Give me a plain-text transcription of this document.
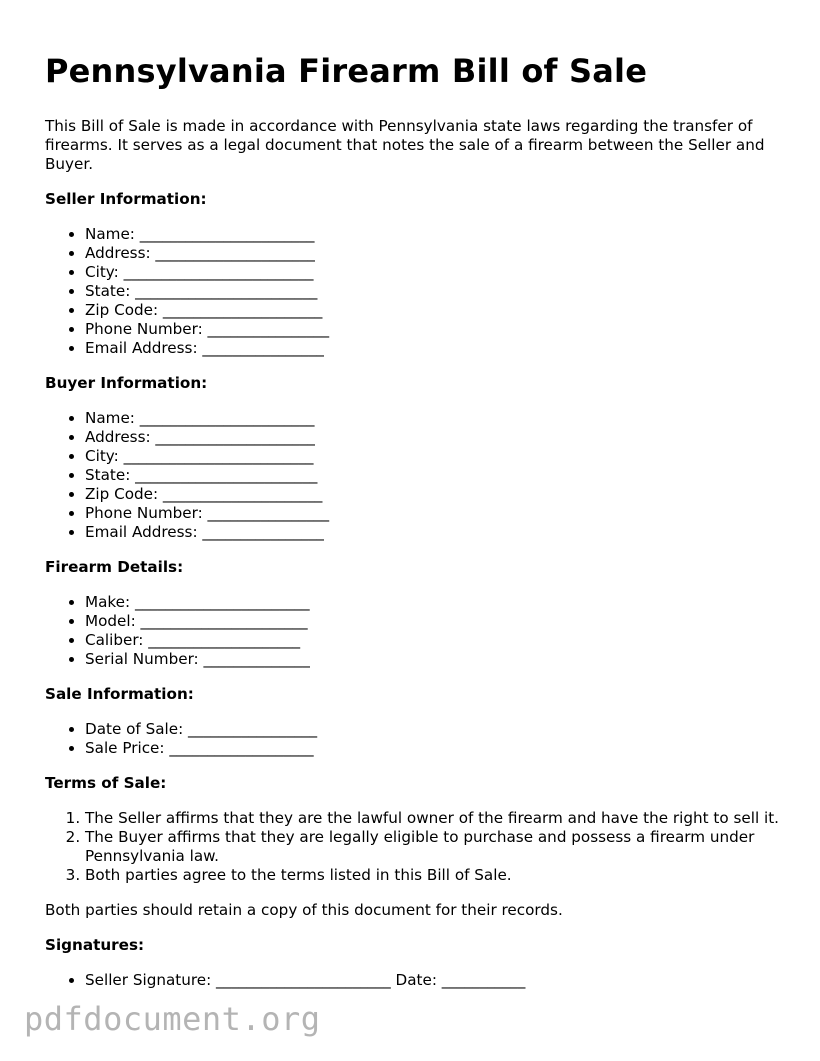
Pennsylvania Firearm Bill of Sale

This Bill of Sale is made in accordance with Pennsylvania state laws regarding the transfer of firearms. It serves as a legal document that notes the sale of a firearm between the Seller and Buyer.

Seller Information:
• Name: _______________________
• Address: _____________________
• City: _________________________
• State: ________________________
• Zip Code: _____________________
• Phone Number: ________________
• Email Address: ________________
Buyer Information:
• Name: _______________________
• Address: _____________________
• City: _________________________
• State: ________________________
• Zip Code: _____________________
• Phone Number: ________________
• Email Address: ________________
Firearm Details:
• Make: _______________________
• Model: ______________________
• Caliber: ____________________
• Serial Number: ______________
Sale Information:
• Date of Sale: _________________
• Sale Price: ___________________
Terms of Sale:
1. The Seller affirms that they are the lawful owner of the firearm and have the right to sell it.
2. The Buyer affirms that they are legally eligible to purchase and possess a firearm under Pennsylvania law.
3. Both parties agree to the terms listed in this Bill of Sale.

Both parties should retain a copy of this document for their records.

Signatures:
• Seller Signature: _______________________ Date: ___________
pdfdocument.org
